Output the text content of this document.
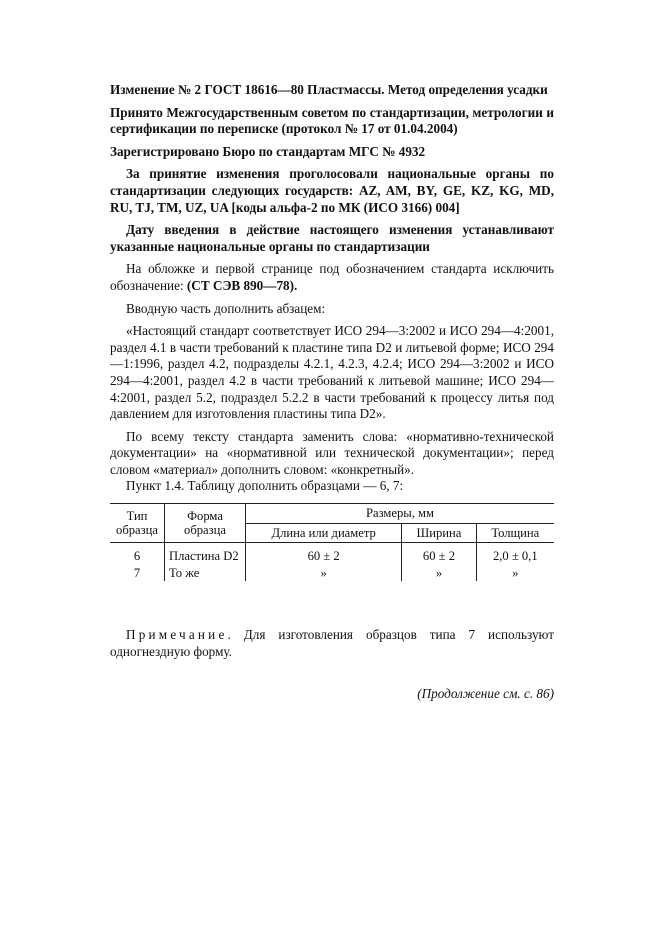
Изменение № 2 ГОСТ 18616—80 Пластмассы. Метод определения усадки

Принято Межгосударственным советом по стандартизации, метрологии и сертификации по переписке (протокол № 17 от 01.04.2004)

Зарегистрировано Бюро по стандартам МГС № 4932

За принятие изменения проголосовали национальные органы по стандартизации следующих государств: AZ, AM, BY, GE, KZ, KG, MD, RU, TJ, TM, UZ, UA [коды альфа-2 по МК (ИСО 3166) 004]

Дату введения в действие настоящего изменения устанавливают указанные национальные органы по стандартизации

На обложке и первой странице под обозначением стандарта исключить обозначение: (СТ СЭВ 890—78).

Вводную часть дополнить абзацем:

«Настоящий стандарт соответствует ИСО 294—3:2002 и ИСО 294—4:2001, раздел 4.1 в части требований к пластине типа D2 и литьевой форме; ИСО 294—1:1996, раздел 4.2, подразделы 4.2.1, 4.2.3, 4.2.4; ИСО 294—3:2002 и ИСО 294—4:2001, раздел 4.2 в части требований к литьевой машине; ИСО 294—4:2001, раздел 5.2, подраздел 5.2.2 в части требований к процессу литья под давлением для изготовления пластины типа D2».

По всему тексту стандарта заменить слова: «нормативно-технической документации» на «нормативной или технической документации»; перед словом «материал» дополнить словом: «конкретный».

Пункт 1.4. Таблицу дополнить образцами — 6, 7:

Тип образца	Форма образца	Размеры, мм		
		Длина или диаметр	Ширина	Толщина
6	Пластина D2	60 ± 2	60 ± 2	2,0 ± 0,1
7	То же	»	»	»

Примечание. Для изготовления образцов типа 7 используют одногнездную форму.

(Продолжение см. с. 86)
